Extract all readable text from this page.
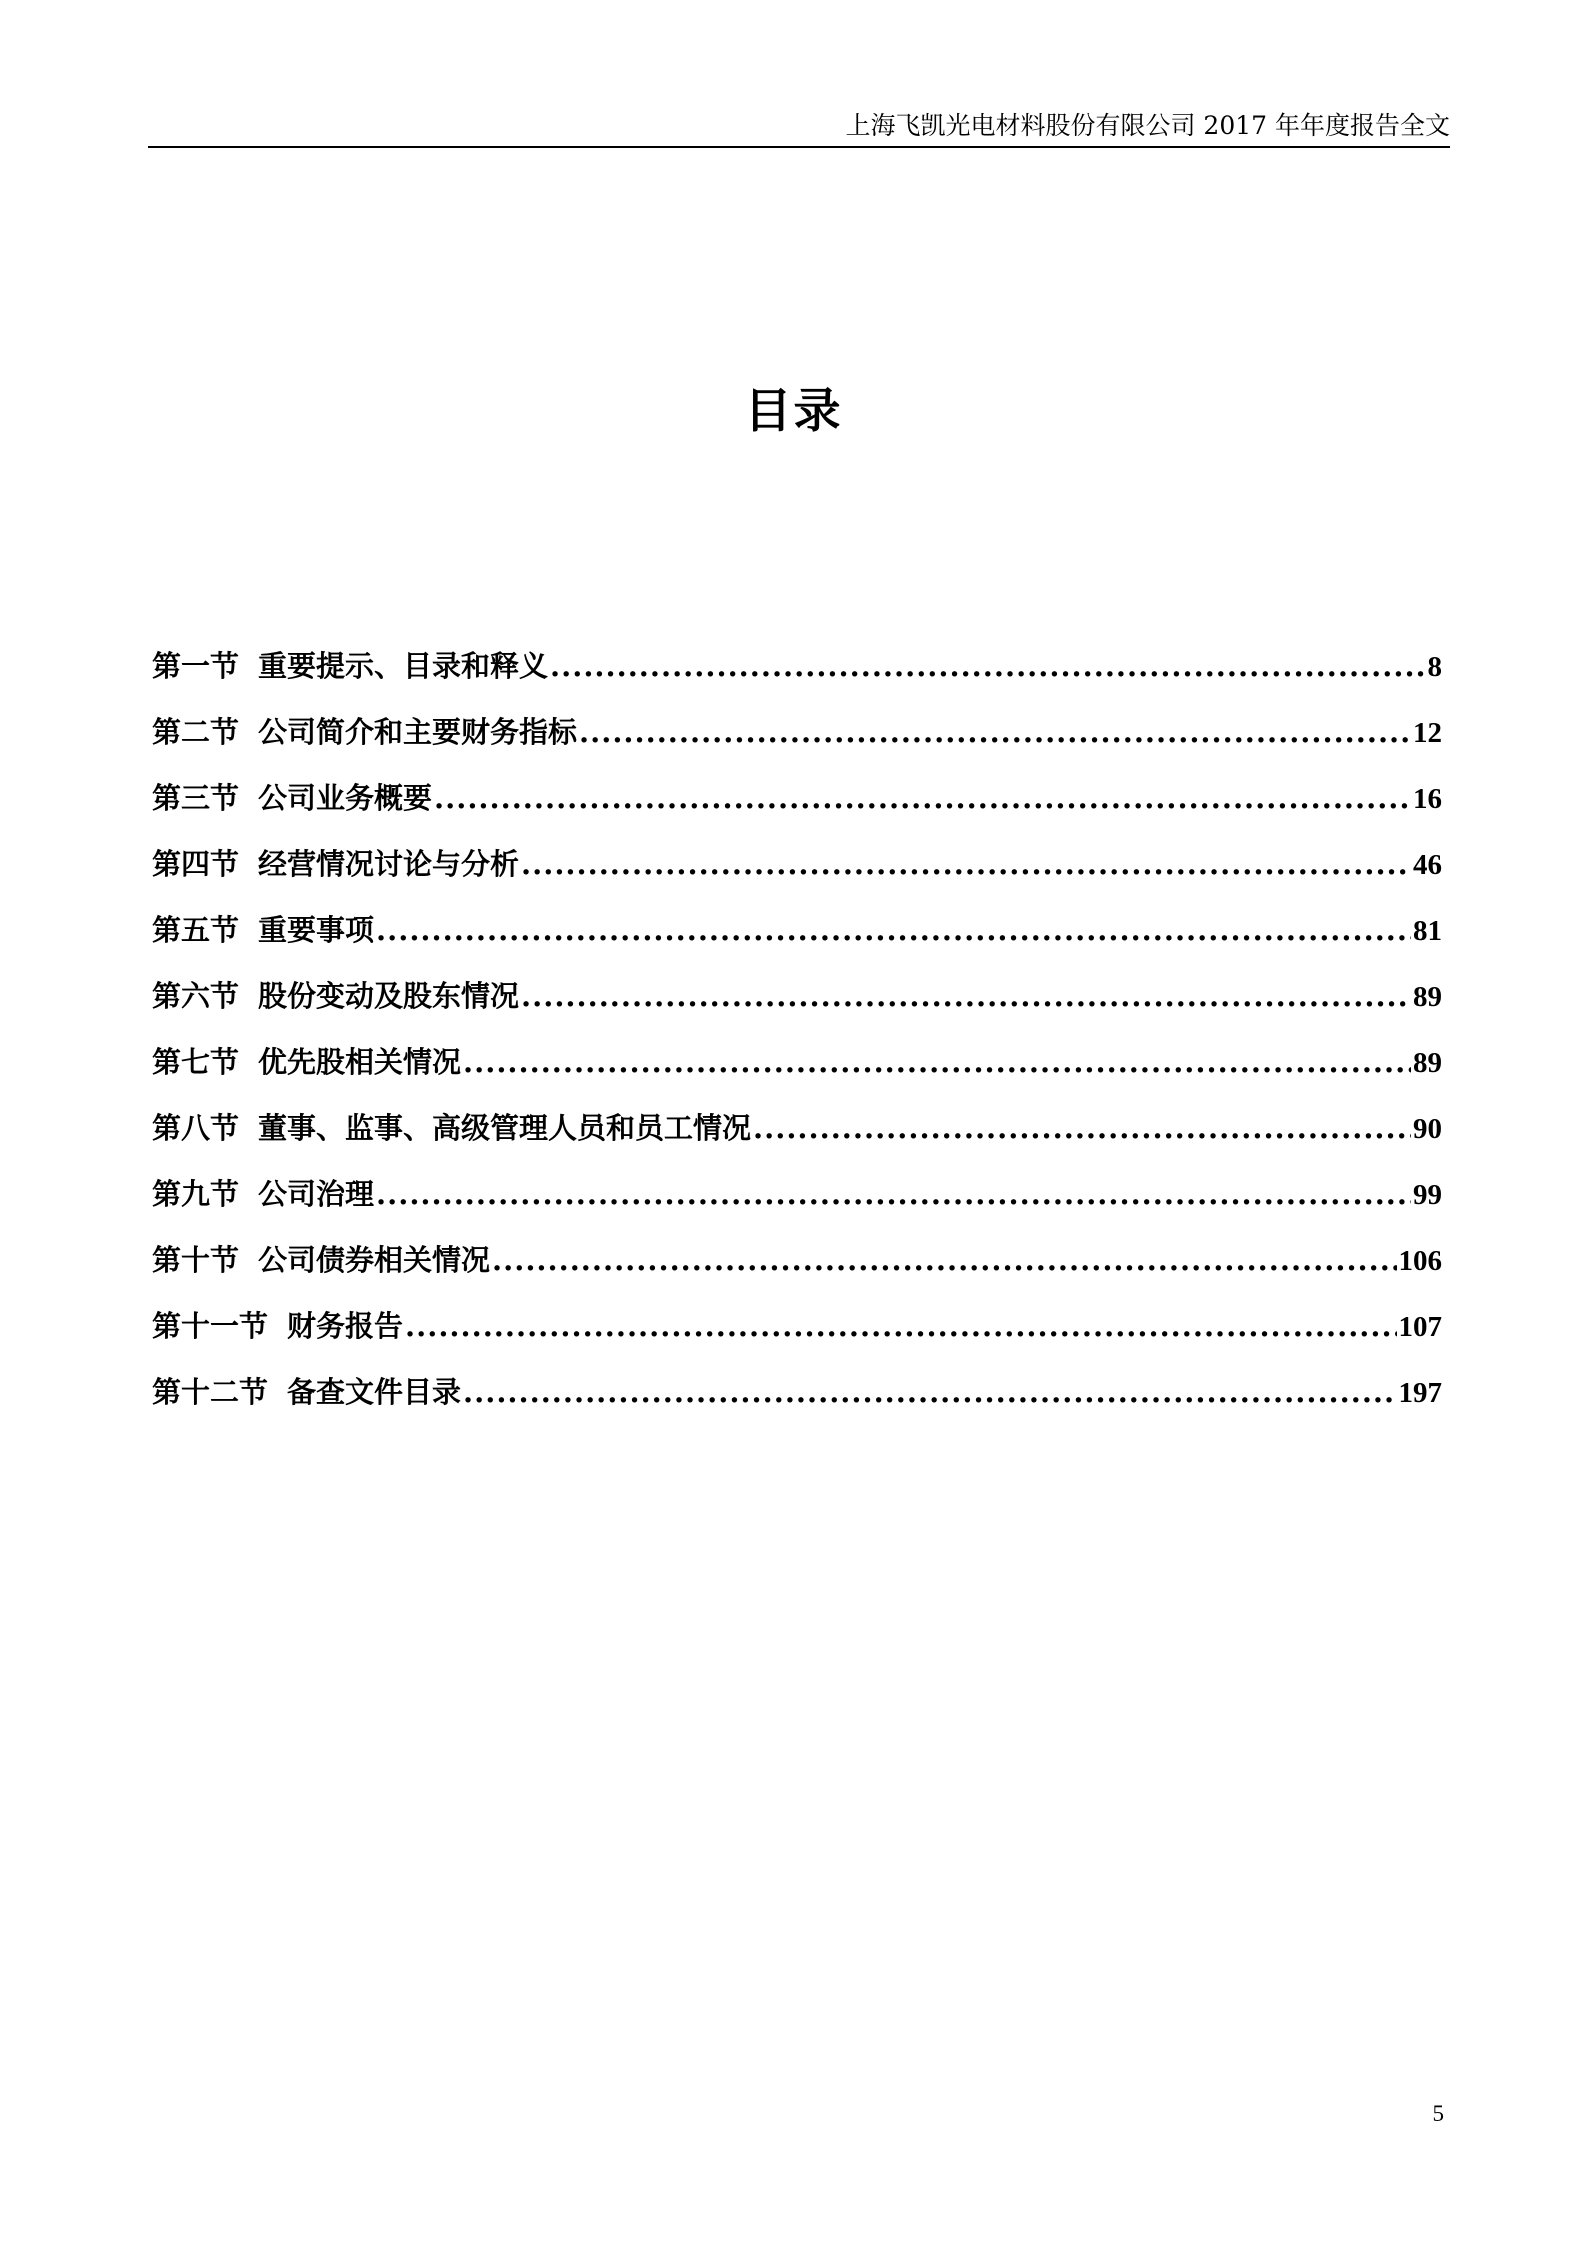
上海飞凯光电材料股份有限公司 2017 年年度报告全文
目录
第一节 重要提示、目录和释义 .....	8
第二节 公司简介和主要财务指标 .....	12
第三节 公司业务概要 .....	16
第四节 经营情况讨论与分析 .....	46
第五节 重要事项 .....	81
第六节 股份变动及股东情况 .....	89
第七节 优先股相关情况 .....	89
第八节 董事、监事、高级管理人员和员工情况 .....	90
第九节 公司治理 .....	99
第十节 公司债券相关情况 .....	106
第十一节 财务报告 .....	107
第十二节 备查文件目录 .....	197
5
